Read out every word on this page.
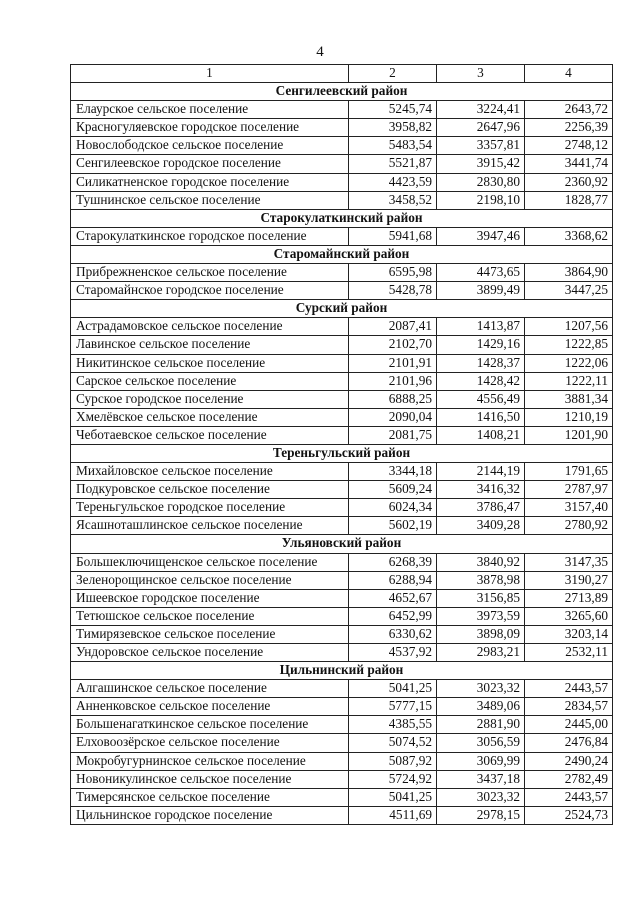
4
1	2	3	4
Сенгилеевский район			
Елаурское сельское поселение	5245,74	3224,41	2643,72
Красногуляевское городское поселение	3958,82	2647,96	2256,39
Новослободское сельское поселение	5483,54	3357,81	2748,12
Сенгилеевское городское поселение	5521,87	3915,42	3441,74
Силикатненское городское поселение	4423,59	2830,80	2360,92
Тушнинское сельское поселение	3458,52	2198,10	1828,77
Старокулаткинский район			
Старокулаткинское городское поселение	5941,68	3947,46	3368,62
Старомайнский район			
Прибрежненское сельское поселение	6595,98	4473,65	3864,90
Старомайнское городское поселение	5428,78	3899,49	3447,25
Сурский район			
Астрадамовское сельское поселение	2087,41	1413,87	1207,56
Лавинское сельское поселение	2102,70	1429,16	1222,85
Никитинское сельское поселение	2101,91	1428,37	1222,06
Сарское сельское поселение	2101,96	1428,42	1222,11
Сурское городское поселение	6888,25	4556,49	3881,34
Хмелёвское сельское поселение	2090,04	1416,50	1210,19
Чеботаевское сельское поселение	2081,75	1408,21	1201,90
Тереньгульский район			
Михайловское сельское поселение	3344,18	2144,19	1791,65
Подкуровское сельское поселение	5609,24	3416,32	2787,97
Тереньгульское городское поселение	6024,34	3786,47	3157,40
Ясашноташлинское сельское поселение	5602,19	3409,28	2780,92
Ульяновский район			
Большеключищенское сельское поселение	6268,39	3840,92	3147,35
Зеленорощинское сельское поселение	6288,94	3878,98	3190,27
Ишеевское городское поселение	4652,67	3156,85	2713,89
Тетюшское сельское поселение	6452,99	3973,59	3265,60
Тимирязевское сельское поселение	6330,62	3898,09	3203,14
Ундоровское сельское поселение	4537,92	2983,21	2532,11
Цильнинский район			
Алгашинское сельское поселение	5041,25	3023,32	2443,57
Анненковское сельское поселение	5777,15	3489,06	2834,57
Большенагаткинское сельское поселение	4385,55	2881,90	2445,00
Елховоозёрское сельское поселение	5074,52	3056,59	2476,84
Мокробугурнинское сельское поселение	5087,92	3069,99	2490,24
Новоникулинское сельское поселение	5724,92	3437,18	2782,49
Тимерсянское сельское поселение	5041,25	3023,32	2443,57
Цильнинское городское поселение	4511,69	2978,15	2524,73
